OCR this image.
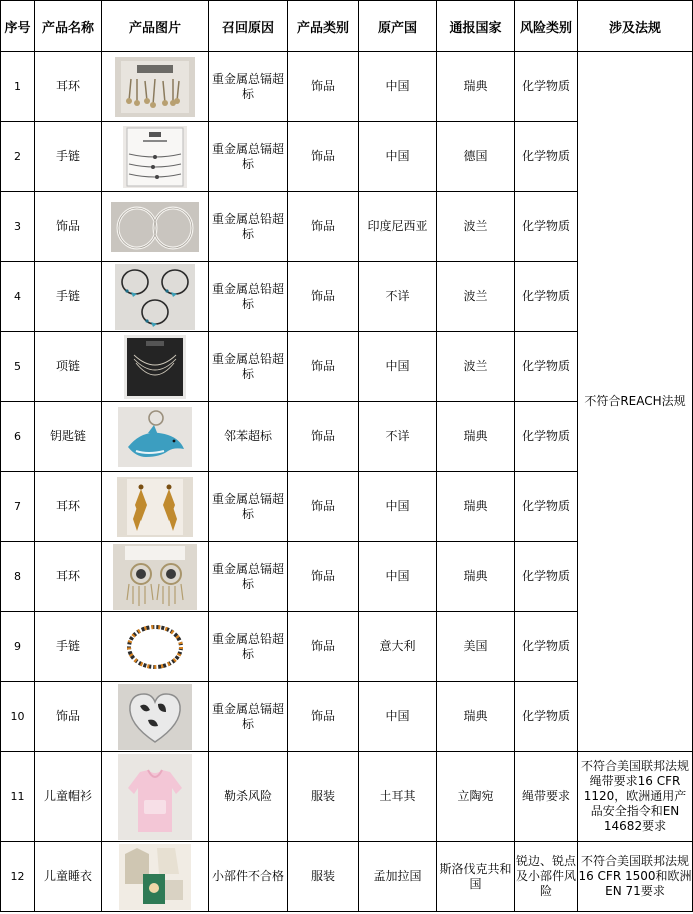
序号	产品名称	产品图片	召回原因	产品类别	原产国	通报国家	风险类别	涉及法规
1	耳环		重金属总镉超标	饰品	中国	瑞典	化学物质	不符合REACH法规
2	手链		重金属总镉超标	饰品	中国	德国	化学物质	
3	饰品		重金属总铅超标	饰品	印度尼西亚	波兰	化学物质	
4	手链		重金属总铅超标	饰品	不详	波兰	化学物质	
5	项链		重金属总铅超标	饰品	中国	波兰	化学物质	
6	钥匙链		邻苯超标	饰品	不详	瑞典	化学物质	
7	耳环		重金属总镉超标	饰品	中国	瑞典	化学物质	
8	耳环		重金属总镉超标	饰品	中国	瑞典	化学物质	
9	手链		重金属总铅超标	饰品	意大利	美国	化学物质	
10	饰品		重金属总镉超标	饰品	中国	瑞典	化学物质	
11	儿童帽衫		勒杀风险	服装	土耳其	立陶宛	绳带要求	不符合美国联邦法规绳带要求16 CFR 1120，欧洲通用产品安全指令和EN 14682要求
12	儿童睡衣		小部件不合格	服装	孟加拉国	斯洛伐克共和国	锐边、锐点及小部件风险	不符合美国联邦法规16 CFR 1500和欧洲EN 71要求
